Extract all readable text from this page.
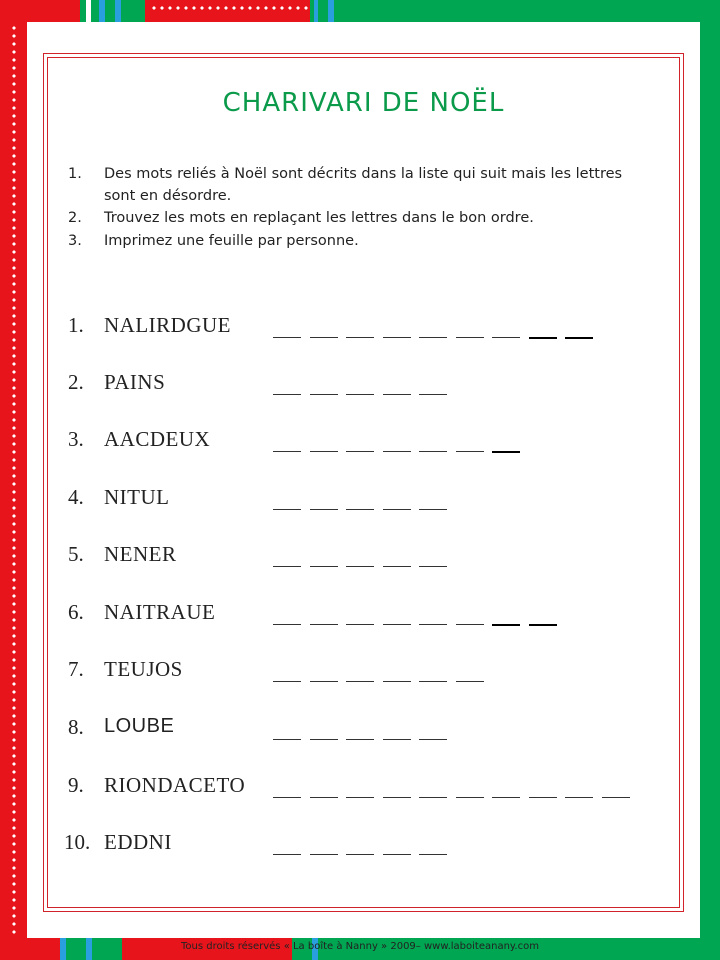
CHARIVARI DE NOËL
1. Des mots reliés à Noël sont décrits dans la liste qui suit mais les lettres sont en désordre.
2. Trouvez les mots en replaçant les lettres dans le bon ordre.
3. Imprimez une feuille par personne.
1. NALIRDGUE
2. PAINS
3. AACDEUX
4. NITUL
5. NENER
6. NAITRAUE
7. TEUJOS
8. LOUBE
9. RIONDACETO
10. EDDNI
Tous droits réservés « La boîte à Nanny » 2009– www.laboiteanany.com
